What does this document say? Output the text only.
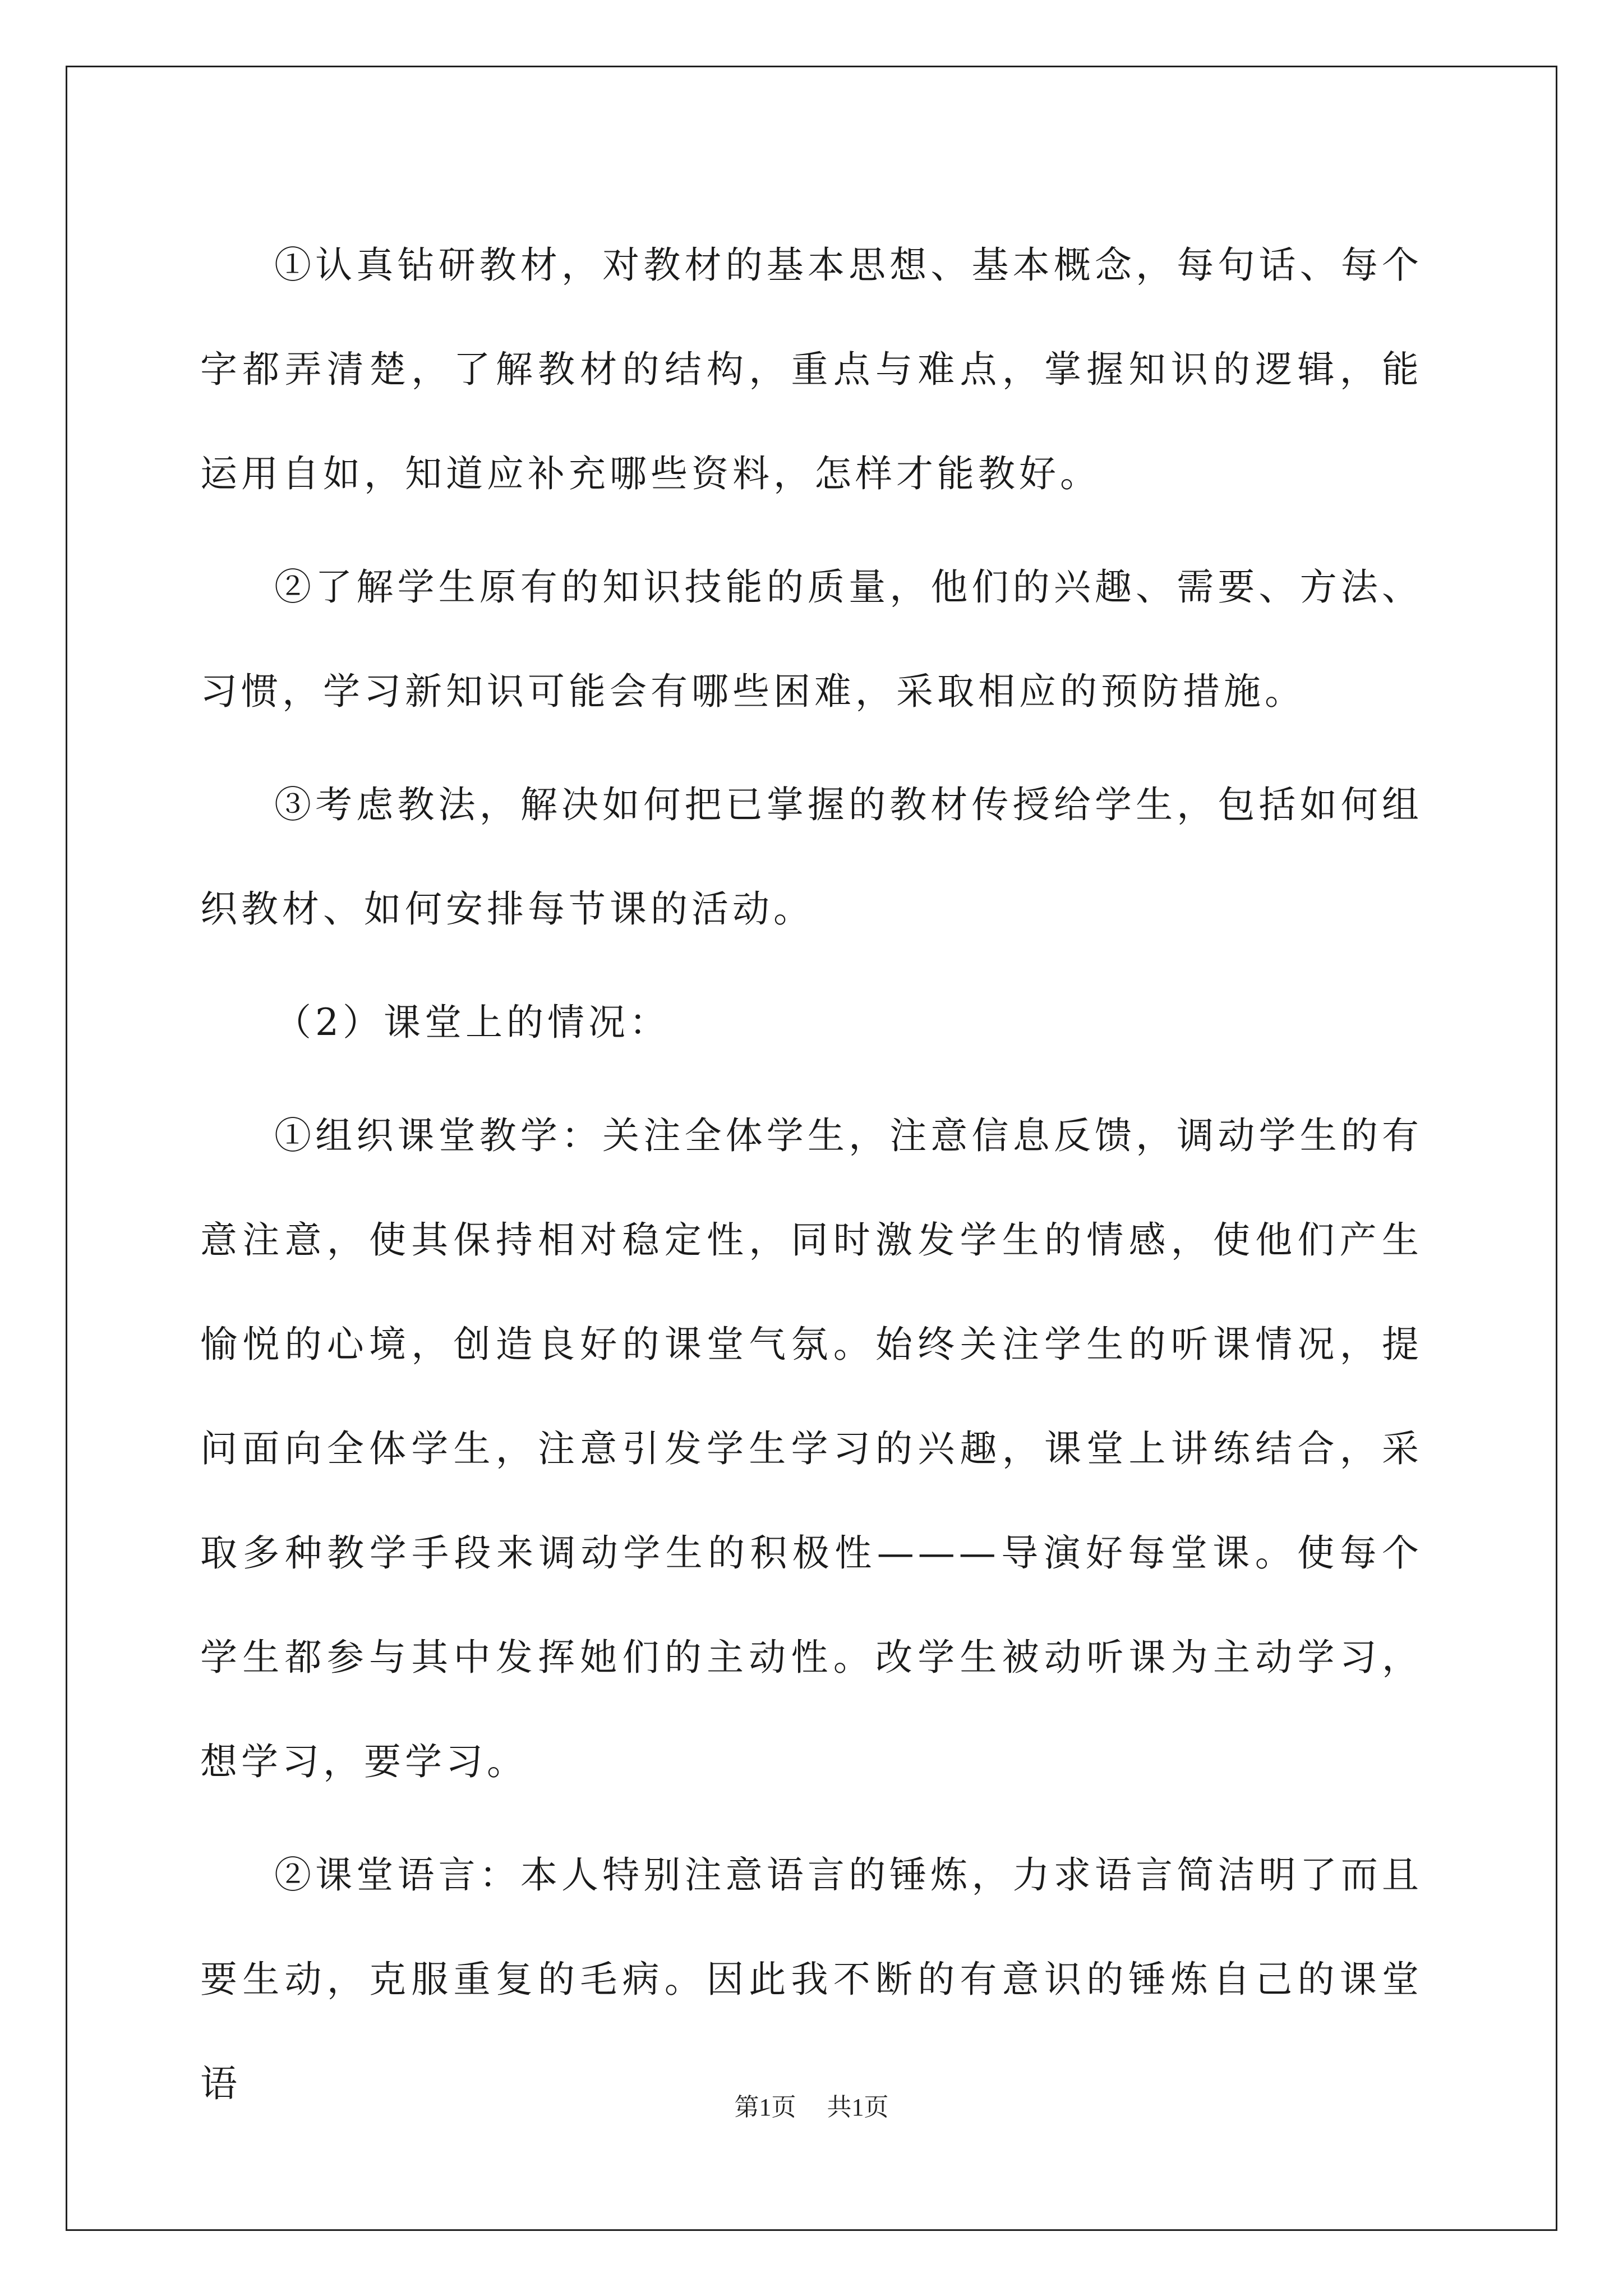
①认真钻研教材，对教材的基本思想、基本概念，每句话、每个字都弄清楚，了解教材的结构，重点与难点，掌握知识的逻辑，能运用自如，知道应补充哪些资料，怎样才能教好。

②了解学生原有的知识技能的质量，他们的兴趣、需要、方法、习惯，学习新知识可能会有哪些困难，采取相应的预防措施。

③考虑教法，解决如何把已掌握的教材传授给学生，包括如何组织教材、如何安排每节课的活动。

（2）课堂上的情况：

①组织课堂教学：关注全体学生，注意信息反馈，调动学生的有意注意，使其保持相对稳定性，同时激发学生的情感，使他们产生愉悦的心境，创造良好的课堂气氛。始终关注学生的听课情况，提问面向全体学生，注意引发学生学习的兴趣，课堂上讲练结合，采取多种教学手段来调动学生的积极性———导演好每堂课。使每个学生都参与其中发挥她们的主动性。改学生被动听课为主动学习，想学习，要学习。

②课堂语言：本人特别注意语言的锤炼，力求语言简洁明了而且要生动，克服重复的毛病。因此我不断的有意识的锤炼自己的课堂语

第1页 共1页
